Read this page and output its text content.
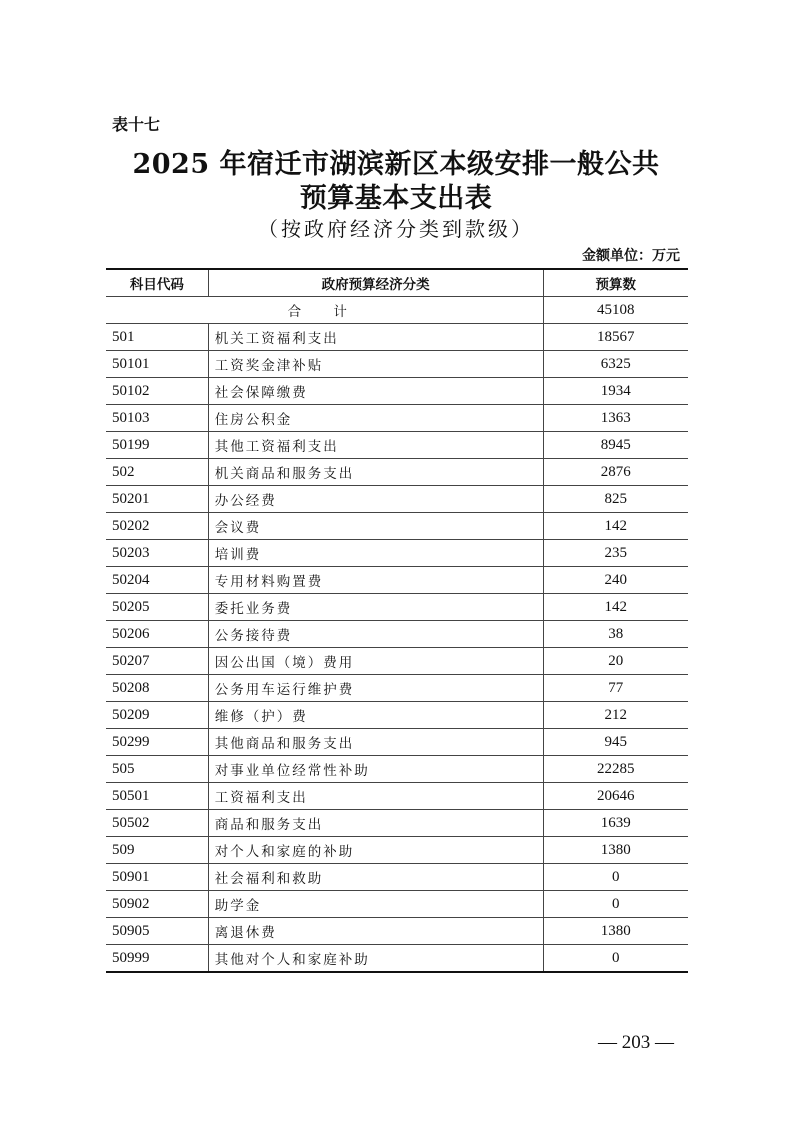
表十七
2025 年宿迁市湖滨新区本级安排一般公共
预算基本支出表
（按政府经济分类到款级）
金额单位：万元
科目代码	政府预算经济分类	预算数
合 计		45108
501	机关工资福利支出	18567
50101	工资奖金津补贴	6325
50102	社会保障缴费	1934
50103	住房公积金	1363
50199	其他工资福利支出	8945
502	机关商品和服务支出	2876
50201	办公经费	825
50202	会议费	142
50203	培训费	235
50204	专用材料购置费	240
50205	委托业务费	142
50206	公务接待费	38
50207	因公出国（境）费用	20
50208	公务用车运行维护费	77
50209	维修（护）费	212
50299	其他商品和服务支出	945
505	对事业单位经常性补助	22285
50501	工资福利支出	20646
50502	商品和服务支出	1639
509	对个人和家庭的补助	1380
50901	社会福利和救助	0
50902	助学金	0
50905	离退休费	1380
50999	其他对个人和家庭补助	0
— 203 —
